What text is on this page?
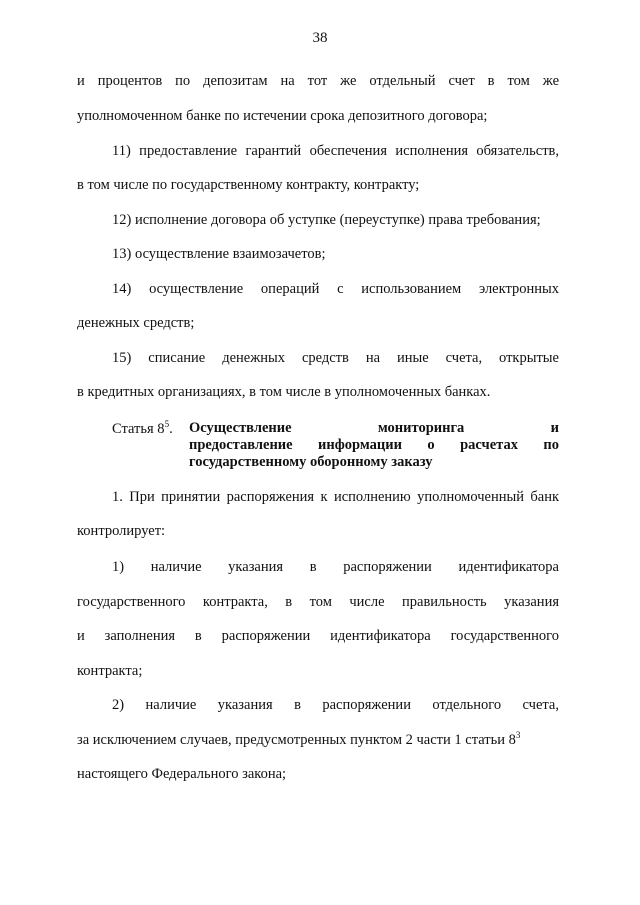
38
и процентов по депозитам на тот же отдельный счет в том же
уполномоченном банке по истечении срока депозитного договора;
11) предоставление гарантий обеспечения исполнения обязательств,
в том числе по государственному контракту, контракту;
12) исполнение договора об уступке (переуступке) права требования;
13) осуществление взаимозачетов;
14) осуществление операций с использованием электронных
денежных средств;
15) списание денежных средств на иные счета, открытые
в кредитных организациях, в том числе в уполномоченных банках.
Статья $8^5$. Осуществление мониторинга и
предоставление информации о расчетах по
государственному оборонному заказу
1. При принятии распоряжения к исполнению уполномоченный банк
контролирует:
1) наличие указания в распоряжении идентификатора
государственного контракта, в том числе правильность указания
и заполнения в распоряжении идентификатора государственного
контракта;
2) наличие указания в распоряжении отдельного счета,
за исключением случаев, предусмотренных пунктом 2 части 1 статьи $8^3$
настоящего Федерального закона;
